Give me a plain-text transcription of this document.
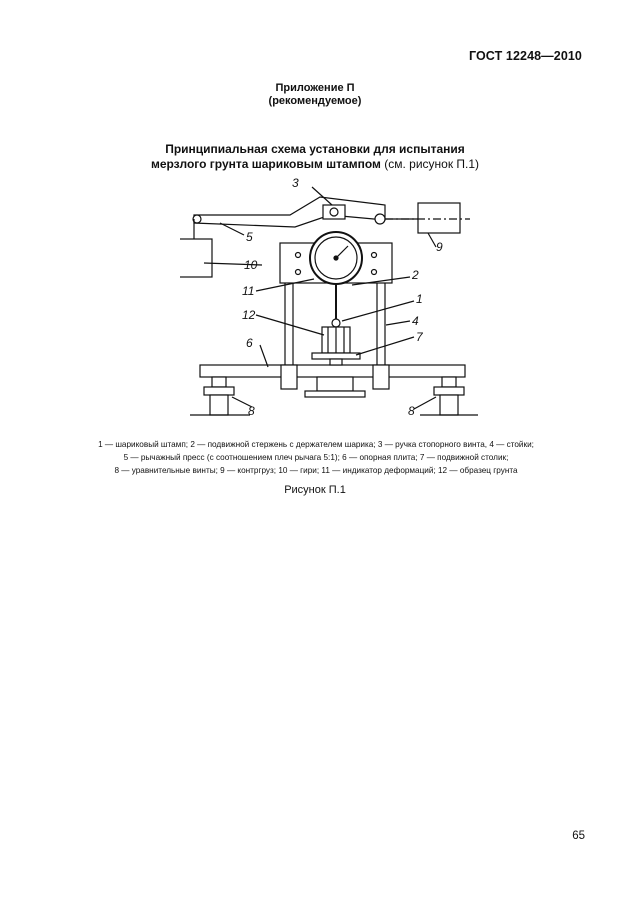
ГОСТ 12248—2010
Приложение П
(рекомендуемое)
Принципиальная схема установки для испытания
мерзлого грунта шариковым штампом (см. рисунок П.1)
3
5
10
11
12
6
2
1
4
7
9
8	8
1 — шариковый штамп; 2 — подвижной стержень с держателем шарика; 3 — ручка стопорного винта, 4 — стойки;
5 — рычажный пресс (с соотношением плеч рычага 5:1); 6 — опорная плита; 7 — подвижной столик;
8 — уравнительные винты; 9 — контргруз; 10 — гири; 11 — индикатор деформаций; 12 — образец грунта
Рисунок П.1
65
